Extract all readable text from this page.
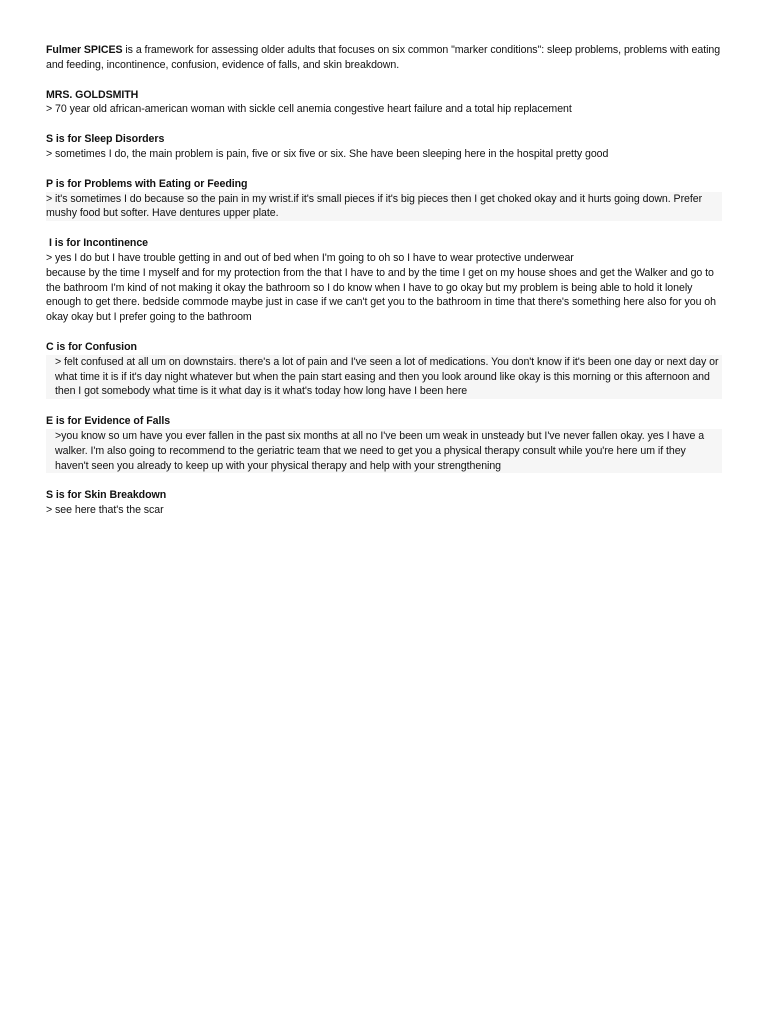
Fulmer SPICES is a framework for assessing older adults that focuses on six common "marker conditions": sleep problems, problems with eating and feeding, incontinence, confusion, evidence of falls, and skin breakdown.

MRS. GOLDSMITH
> 70 year old african-american woman with sickle cell anemia congestive heart failure and a total hip replacement
S is for Sleep Disorders
> sometimes I do, the main problem is pain, five or six five or six. She have been sleeping here in the hospital pretty good
P is for Problems with Eating or Feeding
> it's sometimes I do because so the pain in my wrist.if it's small pieces if it's big pieces then I get choked okay and it hurts going down. Prefer mushy food but softer. Have dentures upper plate.
I is for Incontinence
> yes I do but I have trouble getting in and out of bed when I'm going to oh so I have to wear protective underwear
because by the time I myself and for my protection from the that I have to and by the time I get on my house shoes and get the Walker and go to the bathroom I'm kind of not making it okay the bathroom so I do know when I have to go okay but my problem is being able to hold it lonely enough to get there. bedside commode maybe just in case if we can't get you to the bathroom in time that there's something here also for you oh okay okay but I prefer going to the bathroom
C is for Confusion
> felt confused at all um on downstairs. there's a lot of pain and I've seen a lot of medications. You don't know if it's been one day or next day or what time it is if it's day night whatever but when the pain start easing and then you look around like okay is this morning or this afternoon and then I got somebody what time is it what day is it what's today how long have I been here
E is for Evidence of Falls
>you know so um have you ever fallen in the past six months at all no I've been um weak in unsteady but I've never fallen okay. yes I have a walker. I'm also going to recommend to the geriatric team that we need to get you a physical therapy consult while you're here um if they haven't seen you already to keep up with your physical therapy and help with your strengthening
S is for Skin Breakdown
> see here that's the scar
